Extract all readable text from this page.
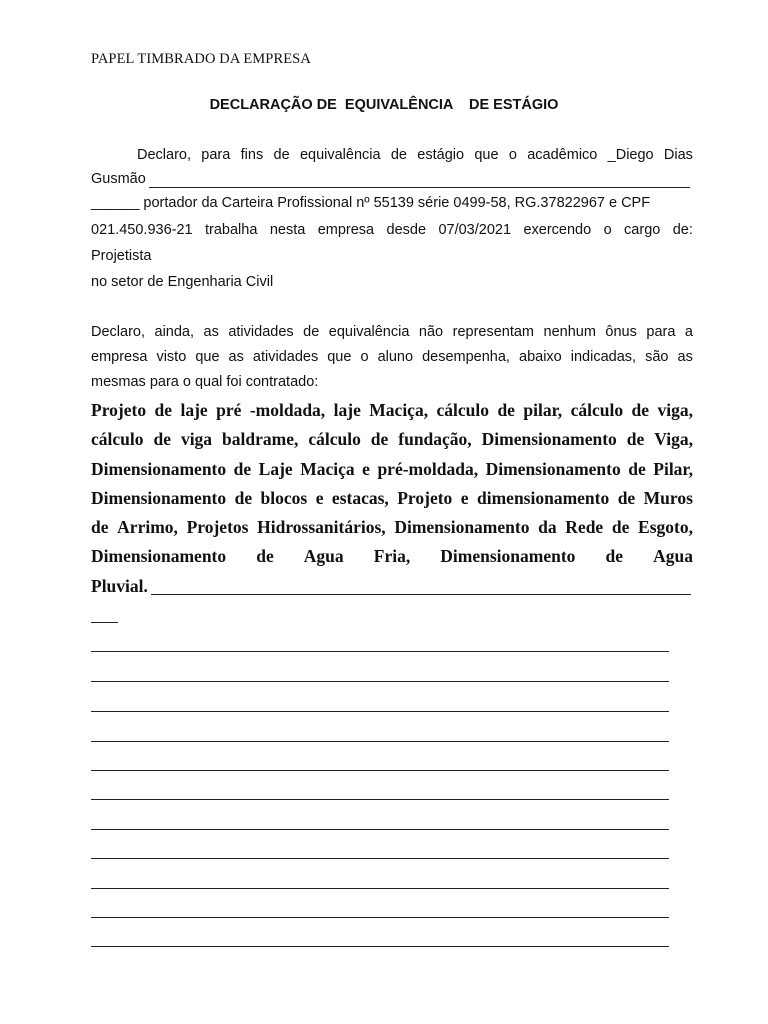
PAPEL TIMBRADO DA EMPRESA
DECLARAÇÃO DE  EQUIVALÊNCIA    DE ESTÁGIO
Declaro, para fins de equivalência de estágio que o acadêmico _Diego Dias
Gusmão
______ portador da Carteira Profissional nº 55139 série 0499-58, RG.37822967 e CPF
021.450.936-21 trabalha nesta empresa desde 07/03/2021 exercendo o cargo de:
Projetista
no setor de Engenharia Civil
Declaro, ainda, as atividades de equivalência não representam nenhum ônus para a
empresa visto que as atividades que o aluno desempenha, abaixo indicadas, são as
mesmas para o qual foi contratado:
Projeto de laje pré -moldada, laje Maciça, cálculo de pilar, cálculo de viga,
cálculo de viga baldrame, cálculo de fundação, Dimensionamento de Viga,
Dimensionamento de Laje Maciça e pré-moldada, Dimensionamento de Pilar,
Dimensionamento de blocos e estacas, Projeto e dimensionamento de Muros
de Arrimo, Projetos Hidrossanitários, Dimensionamento da Rede de Esgoto,
Dimensionamento de Agua Fria, Dimensionamento de Agua
Pluvial.
